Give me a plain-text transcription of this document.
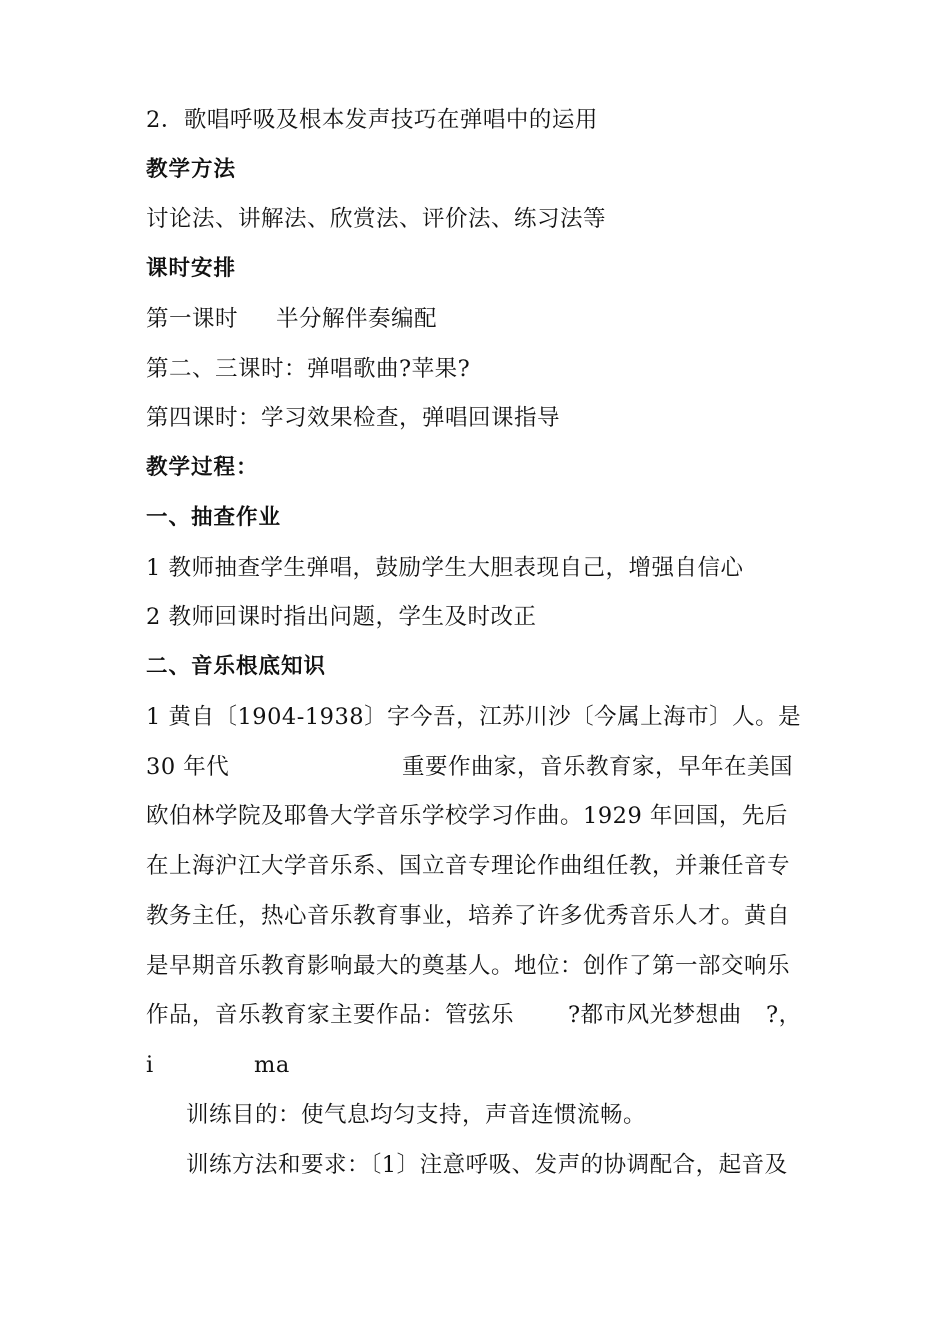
2．歌唱呼吸及根本发声技巧在弹唱中的运用
教学方法
讨论法、讲解法、欣赏法、评价法、练习法等
课时安排
第一课时 半分解伴奏编配
第二、三课时：弹唱歌曲?苹果?
第四课时：学习效果检查，弹唱回课指导
教学过程：
一、抽查作业
1 教师抽查学生弹唱，鼓励学生大胆表现自己，增强自信心
2 教师回课时指出问题，学生及时改正
二、音乐根底知识
1 黄自〔1904-1938〕字今吾，江苏川沙〔今属上海市〕人。是
30 年代	重要作曲家，音乐教育家，早年在美国
欧伯林学院及耶鲁大学音乐学校学习作曲。1929 年回国，先后
在上海沪江大学音乐系、国立音专理论作曲组任教，并兼任音专
教务主任，热心音乐教育事业，培养了许多优秀音乐人才。黄自
是早期音乐教育影响最大的奠基人。地位：创作了第一部交响乐
作品，音乐教育家主要作品：管弦乐 ?都市风光梦想曲 ?，
i	ma
训练目的：使气息均匀支持，声音连惯流畅。
训练方法和要求：〔1〕注意呼吸、发声的协调配合，起音及
